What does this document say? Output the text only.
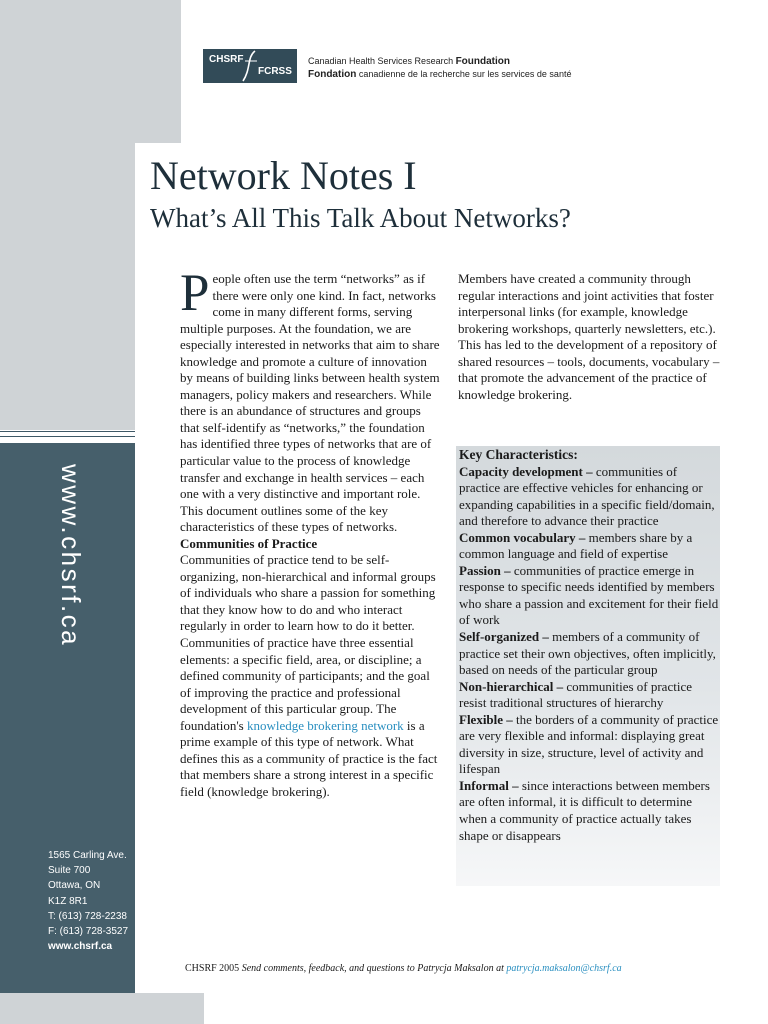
www.chsrf.ca
1565 Carling Ave.
Suite 700
Ottawa, ON
K1Z 8R1
T: (613) 728-2238
F: (613) 728-3527
www.chsrf.ca
CHSRF
FCRSS
Canadian Health Services Research Foundation
Fondation canadienne de la recherche sur les services de santé
Network Notes I
What’s All This Talk About Networks?

People often use the term “networks” as if there were only one kind. In fact, networks come in many different forms, serving multiple purposes. At the foundation, we are especially interested in networks that aim to share knowledge and promote a culture of innovation by means of building links between health system managers, policy makers and researchers. While there is an abundance of structures and groups that self-identify as “networks,” the foundation has identified three types of networks that are of particular value to the process of knowledge transfer and exchange in health services – each one with a very distinctive and important role. This document outlines some of the key characteristics of these types of networks.

Communities of Practice

Communities of practice tend to be self-organizing, non-hierarchical and informal groups of individuals who share a passion for something that they know how to do and who interact regularly in order to learn how to do it better. Communities of practice have three essential elements: a specific field, area, or discipline; a defined community of participants; and the goal of improving the practice and professional development of this particular group. The foundation's knowledge brokering network is a prime example of this type of network. What defines this as a community of practice is the fact that members share a strong interest in a specific field (knowledge brokering).

Members have created a community through regular interactions and joint activities that foster interpersonal links (for example, knowledge brokering workshops, quarterly newsletters, etc.). This has led to the development of a repository of shared resources – tools, documents, vocabulary – that promote the advancement of the practice of knowledge brokering.

Key Characteristics:

Capacity development – communities of practice are effective vehicles for enhancing or expanding capabilities in a specific field/domain, and therefore to advance their practice

Common vocabulary – members share by a common language and field of expertise

Passion – communities of practice emerge in response to specific needs identified by members who share a passion and excitement for their field of work

Self-organized – members of a community of practice set their own objectives, often implicitly, based on needs of the particular group

Non-hierarchical – communities of practice resist traditional structures of hierarchy

Flexible – the borders of a community of practice are very flexible and informal: displaying great diversity in size, structure, level of activity and lifespan

Informal – since interactions between members are often informal, it is difficult to determine when a community of practice actually takes shape or disappears

CHSRF 2005 Send comments, feedback, and questions to Patrycja Maksalon at patrycja.maksalon@chsrf.ca
